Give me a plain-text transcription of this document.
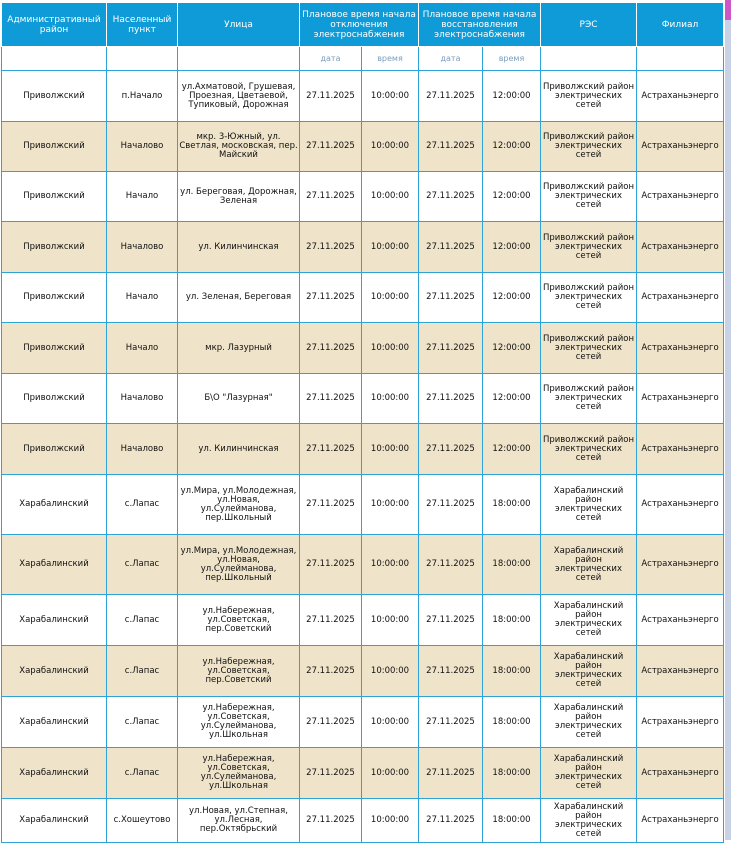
Административный район	Населенный пункт	Улица	Плановое время начала отключения электроснабжения		Плановое время начала восстановления электроснабжения		РЭС	Филиал
			дата	время	дата	время		
Приволжский	п.Начало	ул.Ахматовой, Грушевая, Проезная, Цветаевой, Тупиковый, Дорожная	27.11.2025	10:00:00	27.11.2025	12:00:00	Приволжский район электрических сетей	Астраханьэнерго
Приволжский	Началово	мкр. 3-Южный, ул. Светлая, московская, пер. Майский	27.11.2025	10:00:00	27.11.2025	12:00:00	Приволжский район электрических сетей	Астраханьэнерго
Приволжский	Начало	ул. Береговая, Дорожная, Зеленая	27.11.2025	10:00:00	27.11.2025	12:00:00	Приволжский район электрических сетей	Астраханьэнерго
Приволжский	Началово	ул. Килинчинская	27.11.2025	10:00:00	27.11.2025	12:00:00	Приволжский район электрических сетей	Астраханьэнерго
Приволжский	Начало	ул. Зеленая, Береговая	27.11.2025	10:00:00	27.11.2025	12:00:00	Приволжский район электрических сетей	Астраханьэнерго
Приволжский	Начало	мкр. Лазурный	27.11.2025	10:00:00	27.11.2025	12:00:00	Приволжский район электрических сетей	Астраханьэнерго
Приволжский	Началово	Б\О "Лазурная"	27.11.2025	10:00:00	27.11.2025	12:00:00	Приволжский район электрических сетей	Астраханьэнерго
Приволжский	Началово	ул. Килинчинская	27.11.2025	10:00:00	27.11.2025	12:00:00	Приволжский район электрических сетей	Астраханьэнерго
Харабалинский	с.Лапас	ул.Мира, ул.Молодежная, ул.Новая, ул.Сулейманова, пер.Школьный	27.11.2025	10:00:00	27.11.2025	18:00:00	Харабалинский район электрических сетей	Астраханьэнерго
Харабалинский	с.Лапас	ул.Мира, ул.Молодежная, ул.Новая, ул.Сулейманова, пер.Школьный	27.11.2025	10:00:00	27.11.2025	18:00:00	Харабалинский район электрических сетей	Астраханьэнерго
Харабалинский	с.Лапас	ул.Набережная, ул.Советская, пер.Советский	27.11.2025	10:00:00	27.11.2025	18:00:00	Харабалинский район электрических сетей	Астраханьэнерго
Харабалинский	с.Лапас	ул.Набережная, ул.Советская, пер.Советский	27.11.2025	10:00:00	27.11.2025	18:00:00	Харабалинский район электрических сетей	Астраханьэнерго
Харабалинский	с.Лапас	ул.Набережная, ул.Советская, ул.Сулейманова, ул.Школьная	27.11.2025	10:00:00	27.11.2025	18:00:00	Харабалинский район электрических сетей	Астраханьэнерго
Харабалинский	с.Лапас	ул.Набережная, ул.Советская, ул.Сулейманова, ул.Школьная	27.11.2025	10:00:00	27.11.2025	18:00:00	Харабалинский район электрических сетей	Астраханьэнерго
Харабалинский	с.Хошеутово	ул.Новая, ул.Степная, ул.Лесная, пер.Октябрьский	27.11.2025	10:00:00	27.11.2025	18:00:00	Харабалинский район электрических сетей	Астраханьэнерго
